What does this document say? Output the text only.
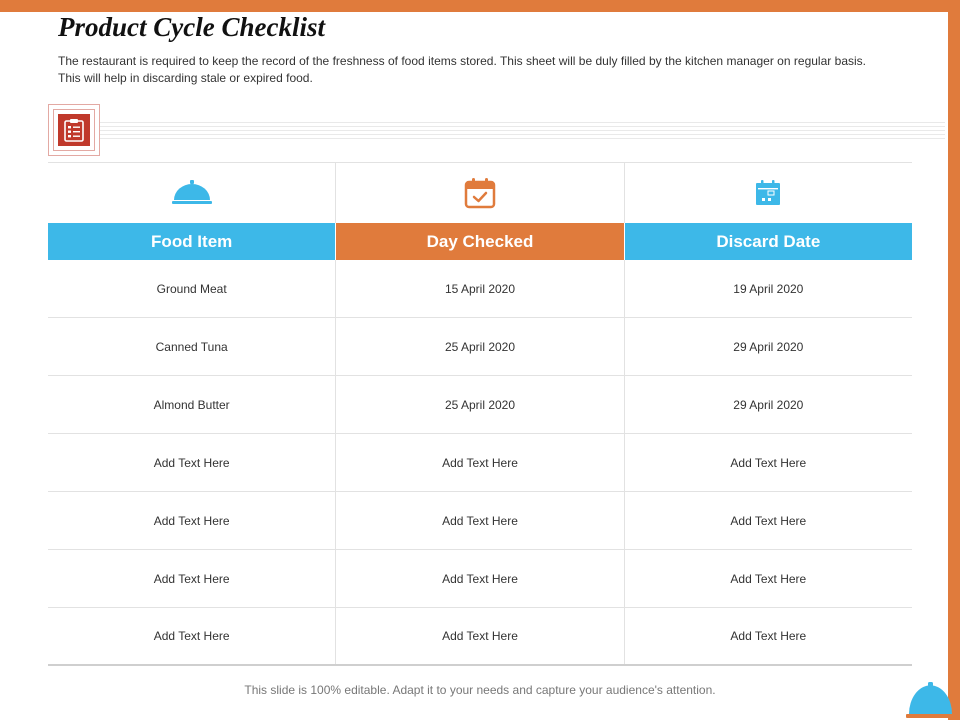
Product Cycle Checklist

The restaurant is required to keep the record of the freshness of food items stored. This sheet will be duly filled by the kitchen manager on regular basis. This will help in discarding stale or expired food.

Food Item	Day Checked	Discard Date
Ground Meat	15 April 2020	19 April 2020
Canned Tuna	25 April 2020	29 April 2020
Almond Butter	25 April 2020	29 April 2020
Add Text Here	Add Text Here	Add Text Here
Add Text Here	Add Text Here	Add Text Here
Add Text Here	Add Text Here	Add Text Here
Add Text Here	Add Text Here	Add Text Here
This slide is 100% editable. Adapt it to your needs and capture your audience's attention.
